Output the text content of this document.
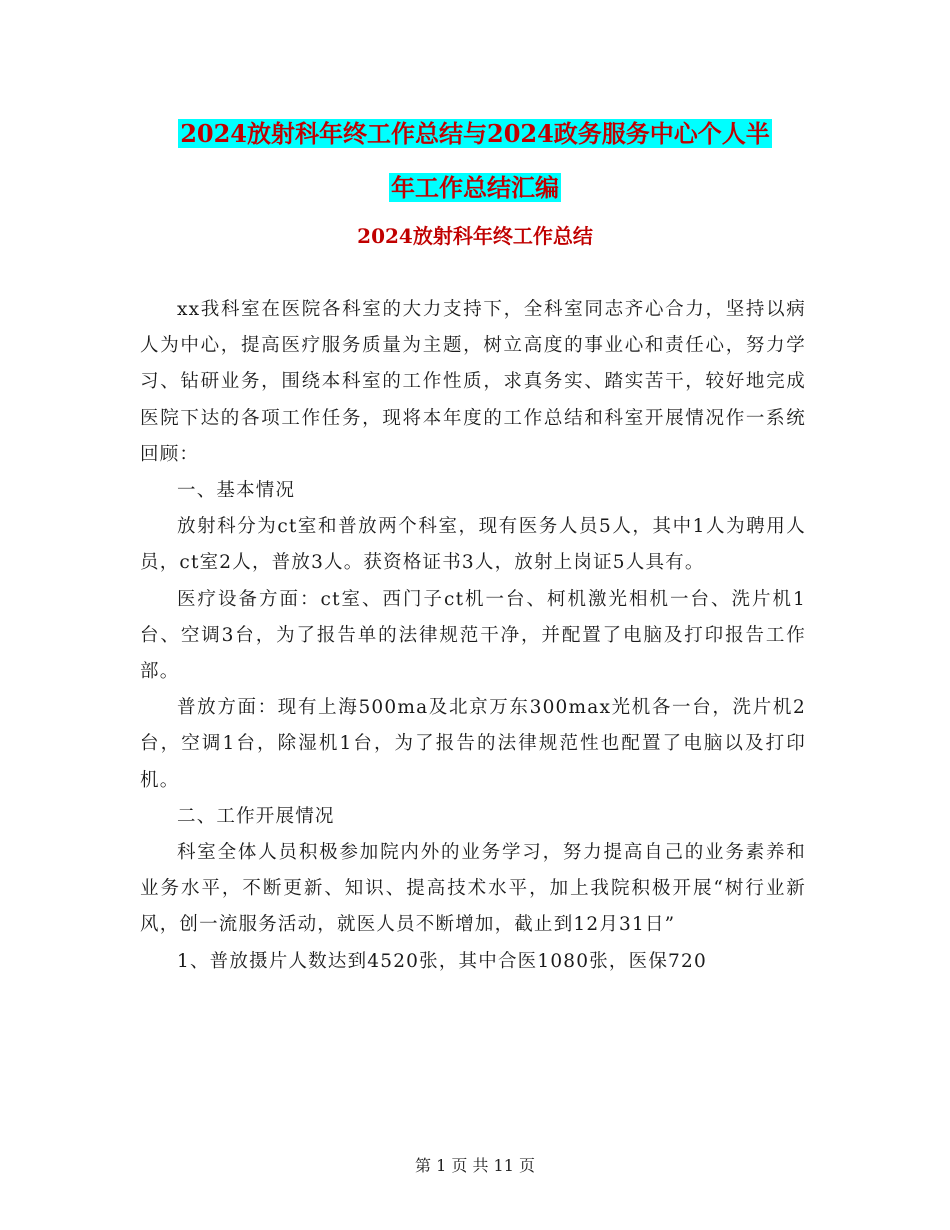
2024放射科年终工作总结与2024政务服务中心个人半
年工作总结汇编
2024放射科年终工作总结

xx我科室在医院各科室的大力支持下，全科室同志齐心合力，坚持以病人为中心，提高医疗服务质量为主题，树立高度的事业心和责任心，努力学习、钻研业务，围绕本科室的工作性质，求真务实、踏实苦干，较好地完成医院下达的各项工作任务，现将本年度的工作总结和科室开展情况作一系统回顾：

一、基本情况

放射科分为ct室和普放两个科室，现有医务人员5人，其中1人为聘用人员，ct室2人，普放3人。获资格证书3人，放射上岗证5人具有。

医疗设备方面：ct室、西门子ct机一台、柯机激光相机一台、洗片机1台、空调3台，为了报告单的法律规范干净，并配置了电脑及打印报告工作部。

普放方面：现有上海500ma及北京万东300max光机各一台，洗片机2台，空调1台，除湿机1台，为了报告的法律规范性也配置了电脑以及打印机。

二、工作开展情况

科室全体人员积极参加院内外的业务学习，努力提高自己的业务素养和业务水平，不断更新、知识、提高技术水平，加上我院积极开展“树行业新风，创一流服务活动，就医人员不断增加，截止到12月31日”

1、普放摄片人数达到4520张，其中合医1080张，医保720

第 1 页 共 11 页
